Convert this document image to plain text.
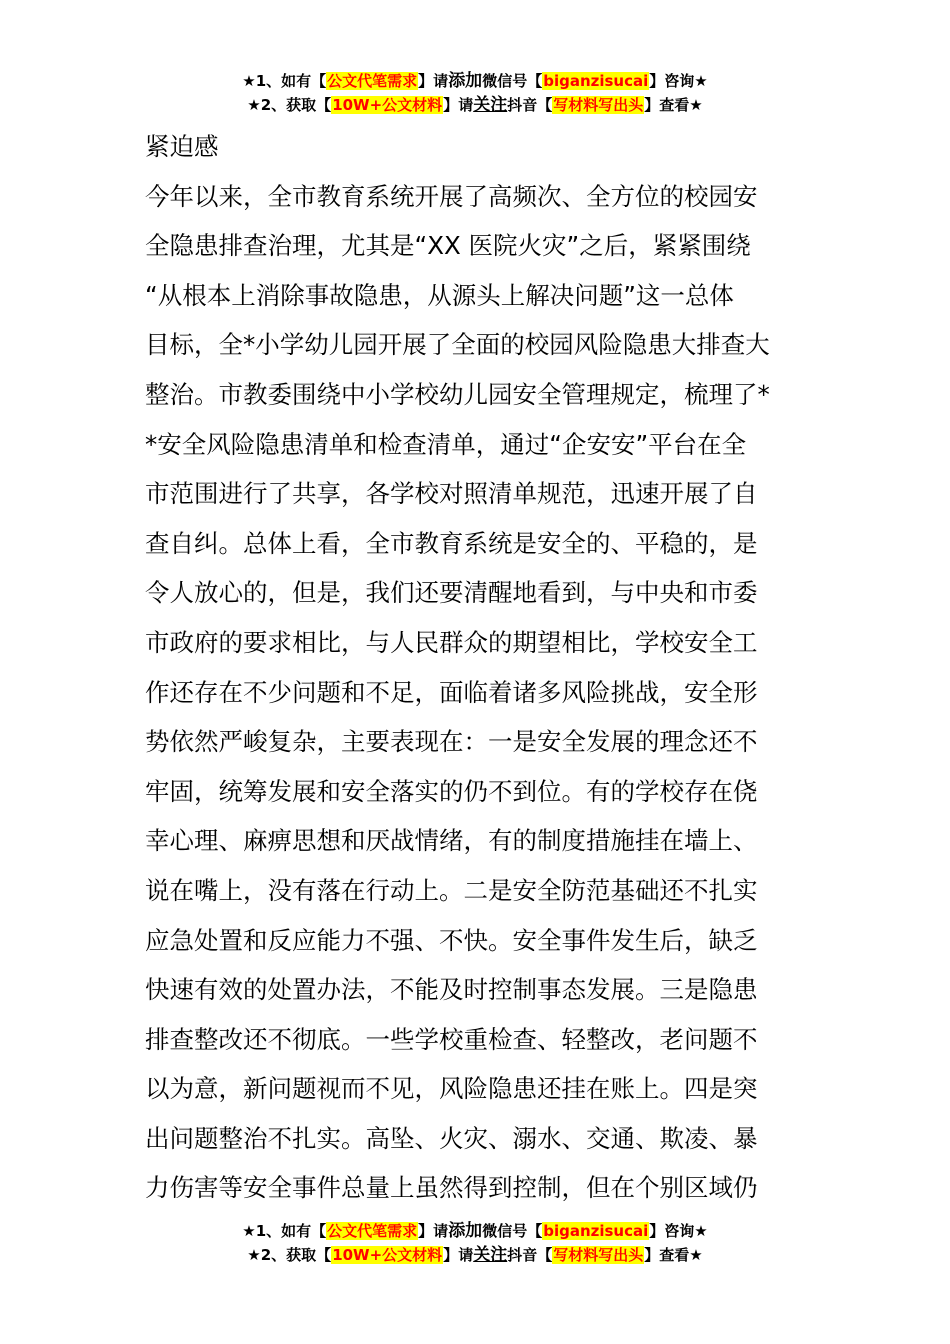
★1、如有【公文代笔需求】请添加微信号【biganzisucai】咨询★
★2、获取【10W+公文材料】请关注抖音【写材料写出头】查看★
紧迫感
今年以来，全市教育系统开展了高频次、全方位的校园安
全隐患排查治理，尤其是“XX 医院火灾”之后，紧紧围绕
“从根本上消除事故隐患，从源头上解决问题”这一总体
目标，全*小学幼儿园开展了全面的校园风险隐患大排查大
整治。市教委围绕中小学校幼儿园安全管理规定，梳理了*
*安全风险隐患清单和检查清单，通过“企安安”平台在全
市范围进行了共享，各学校对照清单规范，迅速开展了自
查自纠。总体上看，全市教育系统是安全的、平稳的，是
令人放心的，但是，我们还要清醒地看到，与中央和市委
市政府的要求相比，与人民群众的期望相比，学校安全工
作还存在不少问题和不足，面临着诸多风险挑战，安全形
势依然严峻复杂，主要表现在：一是安全发展的理念还不
牢固，统筹发展和安全落实的仍不到位。有的学校存在侥
幸心理、麻痹思想和厌战情绪，有的制度措施挂在墙上、
说在嘴上，没有落在行动上。二是安全防范基础还不扎实
应急处置和反应能力不强、不快。安全事件发生后，缺乏
快速有效的处置办法，不能及时控制事态发展。三是隐患
排查整改还不彻底。一些学校重检查、轻整改，老问题不
以为意，新问题视而不见，风险隐患还挂在账上。四是突
出问题整治不扎实。高坠、火灾、溺水、交通、欺凌、暴
力伤害等安全事件总量上虽然得到控制，但在个别区域仍
★1、如有【公文代笔需求】请添加微信号【biganzisucai】咨询★
★2、获取【10W+公文材料】请关注抖音【写材料写出头】查看★
